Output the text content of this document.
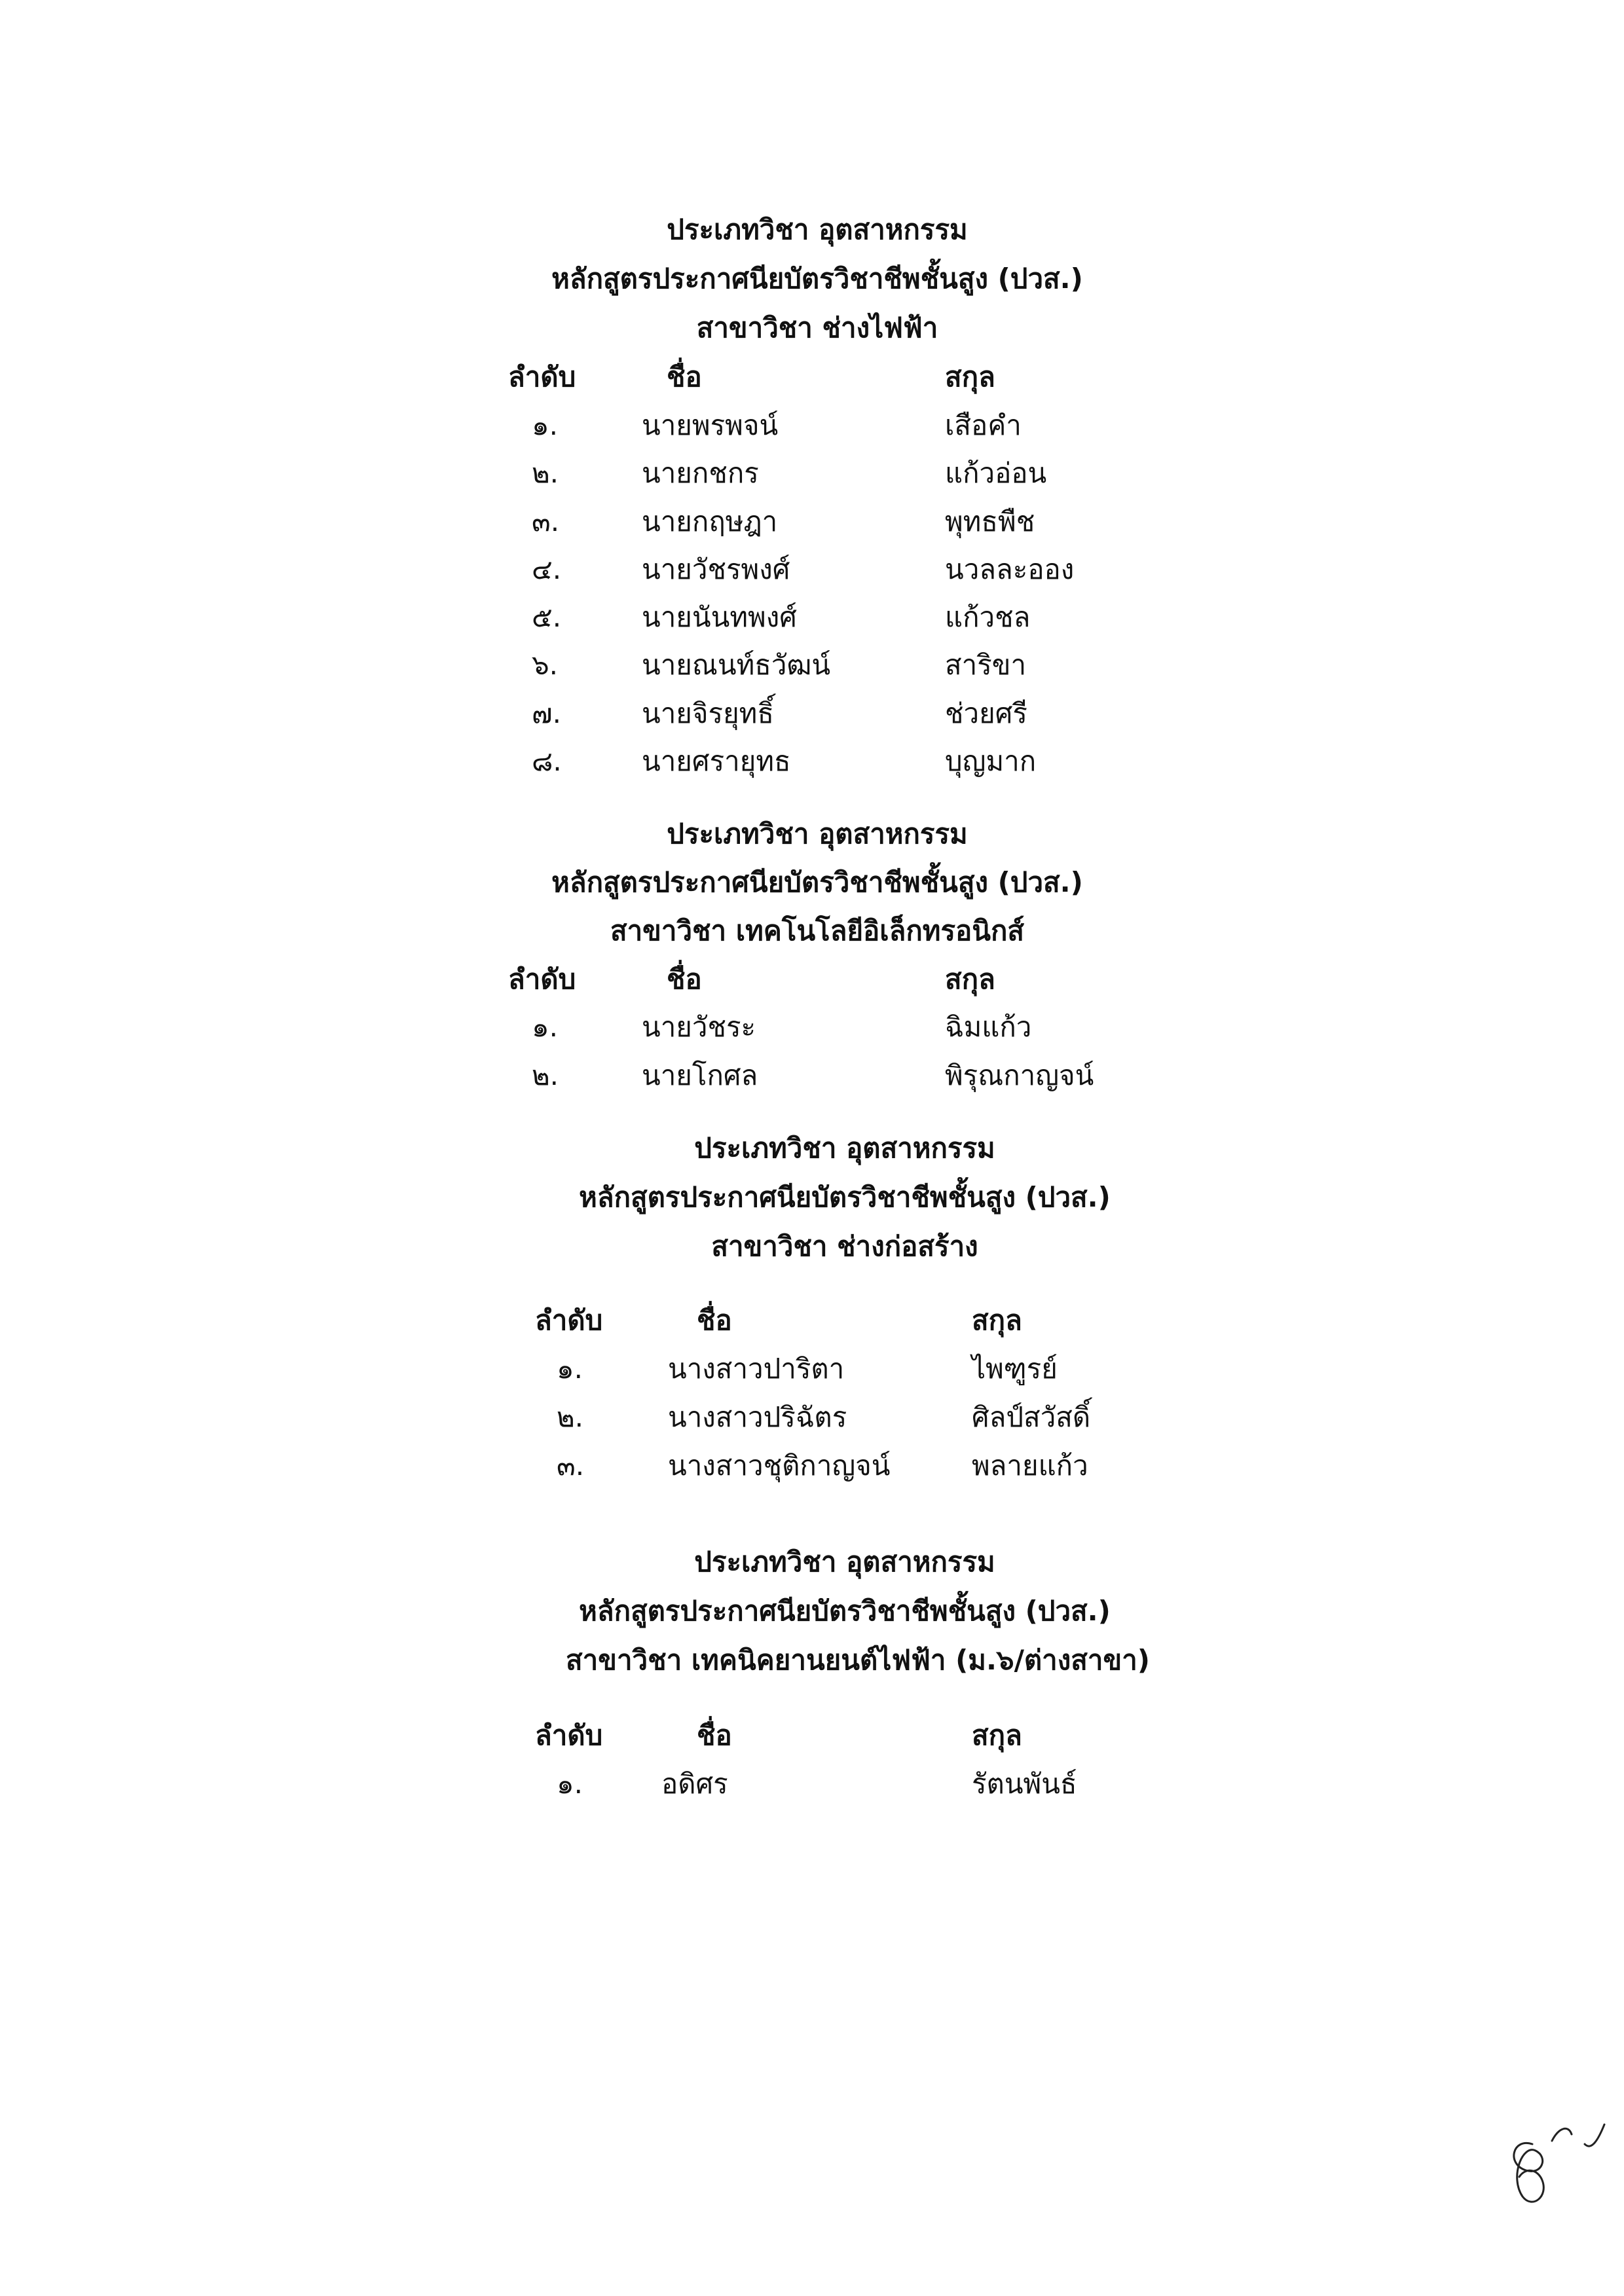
ประเภทวิชา อุตสาหกรรม
หลักสูตรประกาศนียบัตรวิชาชีพชั้นสูง (ปวส.)
สาขาวิชา ช่างไฟฟ้า
ลำดับ	ชื่อ	สกุล
๑.	นายพรพจน์	เสือคำ
๒.	นายกชกร	แก้วอ่อน
๓.	นายกฤษฎา	พุทธพืช
๔.	นายวัชรพงศ์	นวลละออง
๕.	นายนันทพงศ์	แก้วชล
๖.	นายณนท์ธวัฒน์	สาริขา
๗.	นายจิรยุทธิ์	ช่วยศรี
๘.	นายศรายุทธ	บุญมาก
ประเภทวิชา อุตสาหกรรม
หลักสูตรประกาศนียบัตรวิชาชีพชั้นสูง (ปวส.)
สาขาวิชา เทคโนโลยีอิเล็กทรอนิกส์
ลำดับ	ชื่อ	สกุล
๑.	นายวัชระ	ฉิมแก้ว
๒.	นายโกศล	พิรุณกาญจน์
ประเภทวิชา อุตสาหกรรม
หลักสูตรประกาศนียบัตรวิชาชีพชั้นสูง (ปวส.)
สาขาวิชา ช่างก่อสร้าง
ลำดับ	ชื่อ	สกุล
๑.	นางสาวปาริตา	ไพฑูรย์
๒.	นางสาวปริฉัตร	ศิลป์สวัสดิ์
๓.	นางสาวชุติกาญจน์	พลายแก้ว
ประเภทวิชา อุตสาหกรรม
หลักสูตรประกาศนียบัตรวิชาชีพชั้นสูง (ปวส.)
สาขาวิชา เทคนิคยานยนต์ไฟฟ้า (ม.๖/ต่างสาขา)
ลำดับ	ชื่อ	สกุล
๑.	อดิศร	รัตนพันธ์
